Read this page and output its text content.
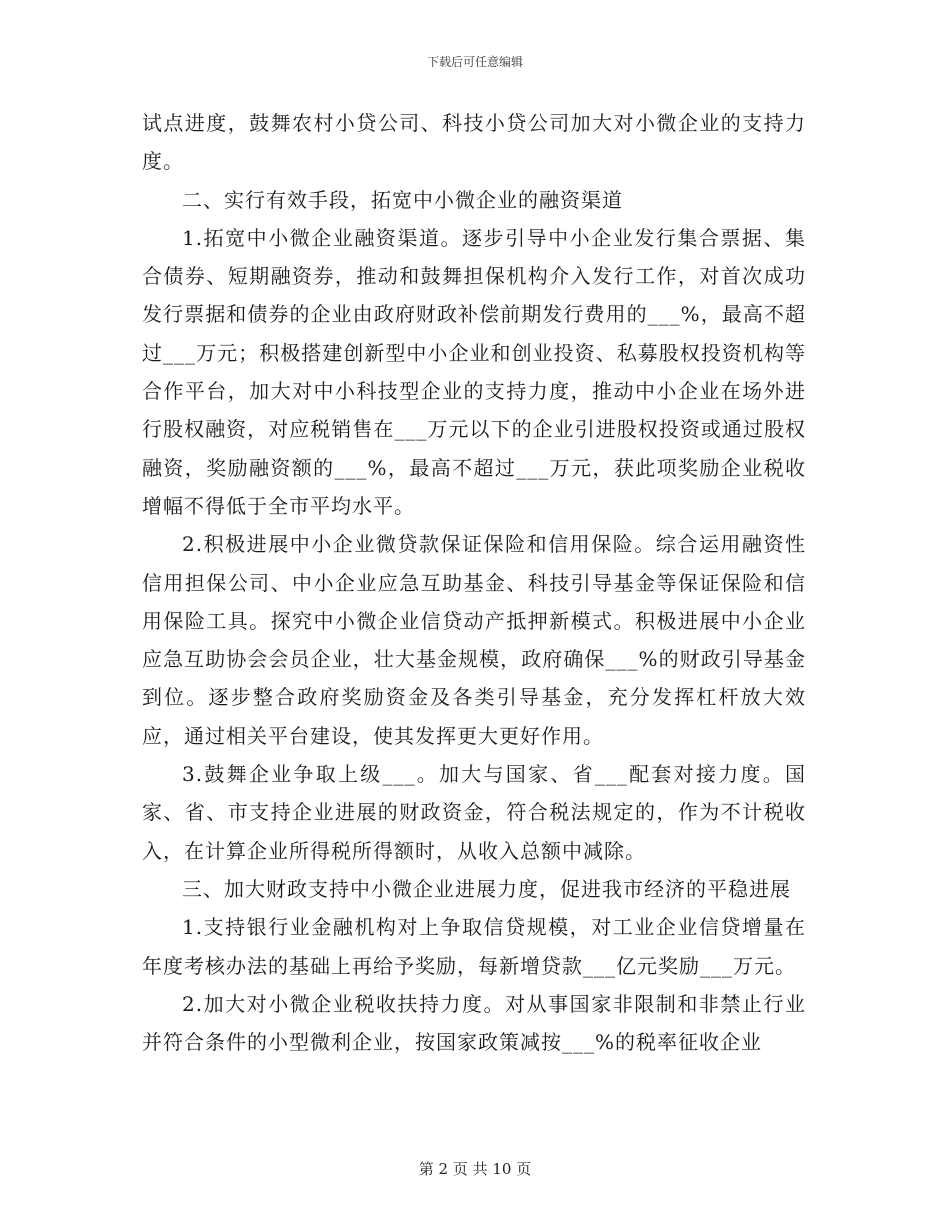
下载后可任意编辑

试点进度，鼓舞农村小贷公司、科技小贷公司加大对小微企业的支持力度。

二、实行有效手段，拓宽中小微企业的融资渠道

1.拓宽中小微企业融资渠道。逐步引导中小企业发行集合票据、集合债券、短期融资券，推动和鼓舞担保机构介入发行工作，对首次成功发行票据和债券的企业由政府财政补偿前期发行费用的___%，最高不超过___万元；积极搭建创新型中小企业和创业投资、私募股权投资机构等合作平台，加大对中小科技型企业的支持力度，推动中小企业在场外进行股权融资，对应税销售在___万元以下的企业引进股权投资或通过股权融资，奖励融资额的___%，最高不超过___万元，获此项奖励企业税收增幅不得低于全市平均水平。

2.积极进展中小企业微贷款保证保险和信用保险。综合运用融资性信用担保公司、中小企业应急互助基金、科技引导基金等保证保险和信用保险工具。探究中小微企业信贷动产抵押新模式。积极进展中小企业应急互助协会会员企业，壮大基金规模，政府确保___%的财政引导基金到位。逐步整合政府奖励资金及各类引导基金，充分发挥杠杆放大效应，通过相关平台建设，使其发挥更大更好作用。

3.鼓舞企业争取上级___。加大与国家、省___配套对接力度。国家、省、市支持企业进展的财政资金，符合税法规定的，作为不计税收入，在计算企业所得税所得额时，从收入总额中减除。

三、加大财政支持中小微企业进展力度，促进我市经济的平稳进展

1.支持银行业金融机构对上争取信贷规模，对工业企业信贷增量在年度考核办法的基础上再给予奖励，每新增贷款___亿元奖励___万元。

2.加大对小微企业税收扶持力度。对从事国家非限制和非禁止行业并符合条件的小型微利企业，按国家政策减按___%的税率征收企业

第 2 页 共 10 页
